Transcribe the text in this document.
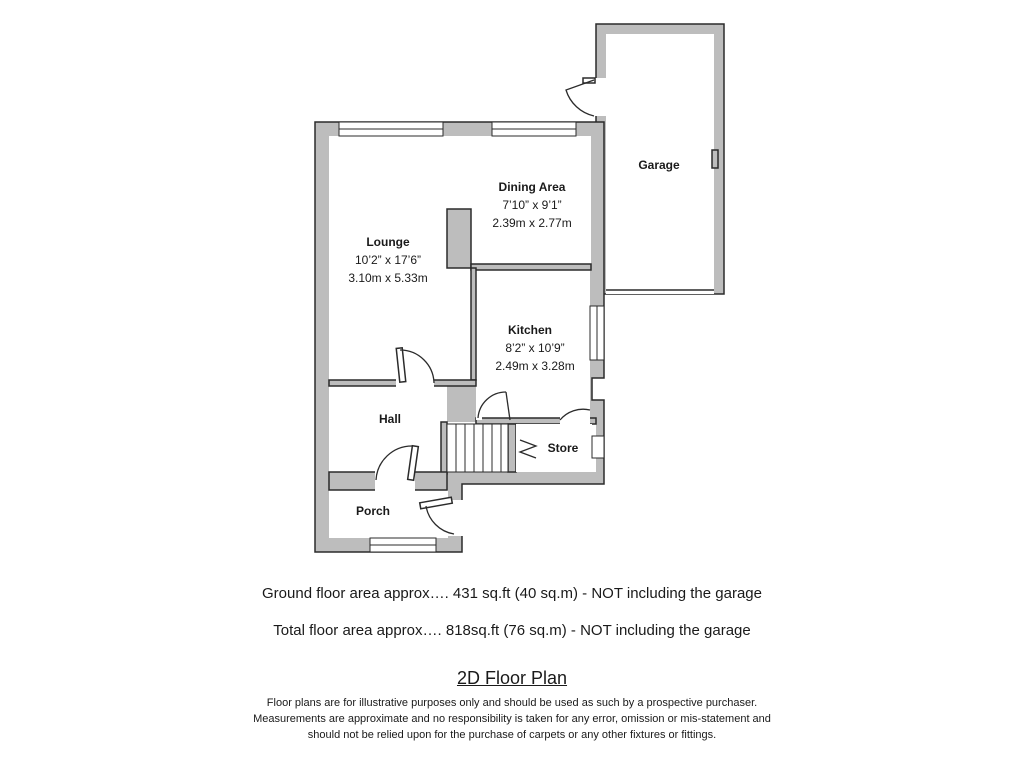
Garage
Dining Area
7’10” x 9’1”
2.39m x 2.77m
Lounge
10’2” x 17’6”
3.10m x 5.33m
Kitchen
8’2” x 10’9”
2.49m x 3.28m
Hall
Store
Porch

Ground floor area approx…. 431 sq.ft (40 sq.m) - NOT including the garage

Total floor area approx…. 818sq.ft (76 sq.m) - NOT including the garage

2D Floor Plan

Floor plans are for illustrative purposes only and should be used as such by a prospective purchaser.

Measurements are approximate and no responsibility is taken for any error, omission or mis-statement and

should not be relied upon for the purchase of carpets or any other fixtures or fittings.
